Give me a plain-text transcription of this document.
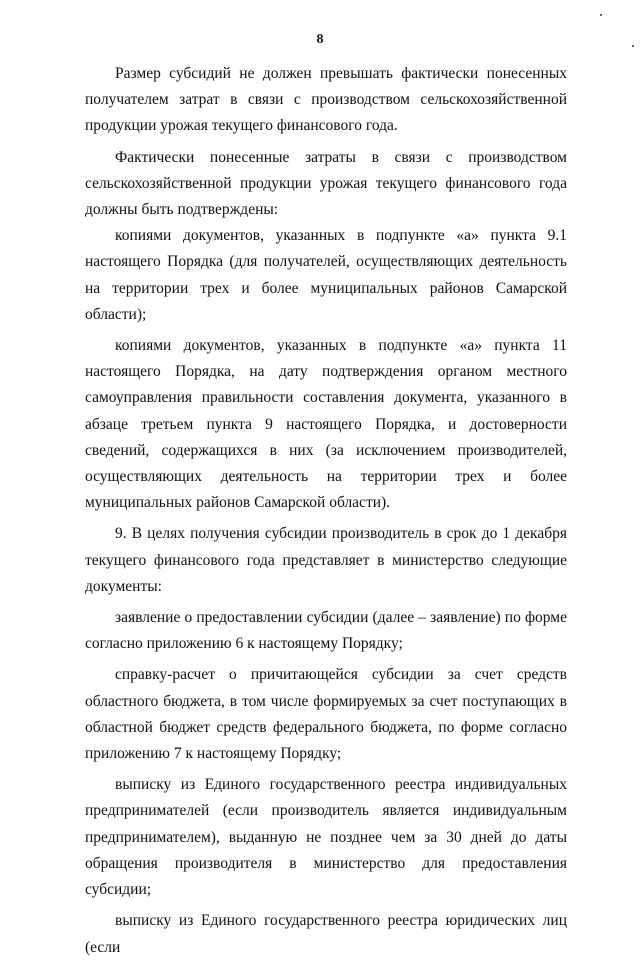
8

Размер субсидий не должен превышать фактически понесенных получателем затрат в связи с производством сельскохозяйственной продукции урожая текущего финансового года.

Фактически понесенные затраты в связи с производством сельскохозяйственной продукции урожая текущего финансового года должны быть подтверждены:

копиями документов, указанных в подпункте «а» пункта 9.1 настоящего Порядка (для получателей, осуществляющих деятельность на территории трех и более муниципальных районов Самарской области);

копиями документов, указанных в подпункте «а» пункта 11 настоящего Порядка, на дату подтверждения органом местного самоуправления правильности составления документа, указанного в абзаце третьем пункта 9 настоящего Порядка, и достоверности сведений, содержащихся в них (за исключением производителей, осуществляющих деятельность на территории трех и более муниципальных районов Самарской области).

9. В целях получения субсидии производитель в срок до 1 декабря текущего финансового года представляет в министерство следующие документы:

заявление о предоставлении субсидии (далее – заявление) по форме согласно приложению 6 к настоящему Порядку;

справку-расчет о причитающейся субсидии за счет средств областного бюджета, в том числе формируемых за счет поступающих в областной бюджет средств федерального бюджета, по форме согласно приложению 7 к настоящему Порядку;

выписку из Единого государственного реестра индивидуальных предпринимателей (если производитель является индивидуальным предпринимателем), выданную не позднее чем за 30 дней до даты обращения производителя в министерство для предоставления субсидии;

выписку из Единого государственного реестра юридических лиц (если
